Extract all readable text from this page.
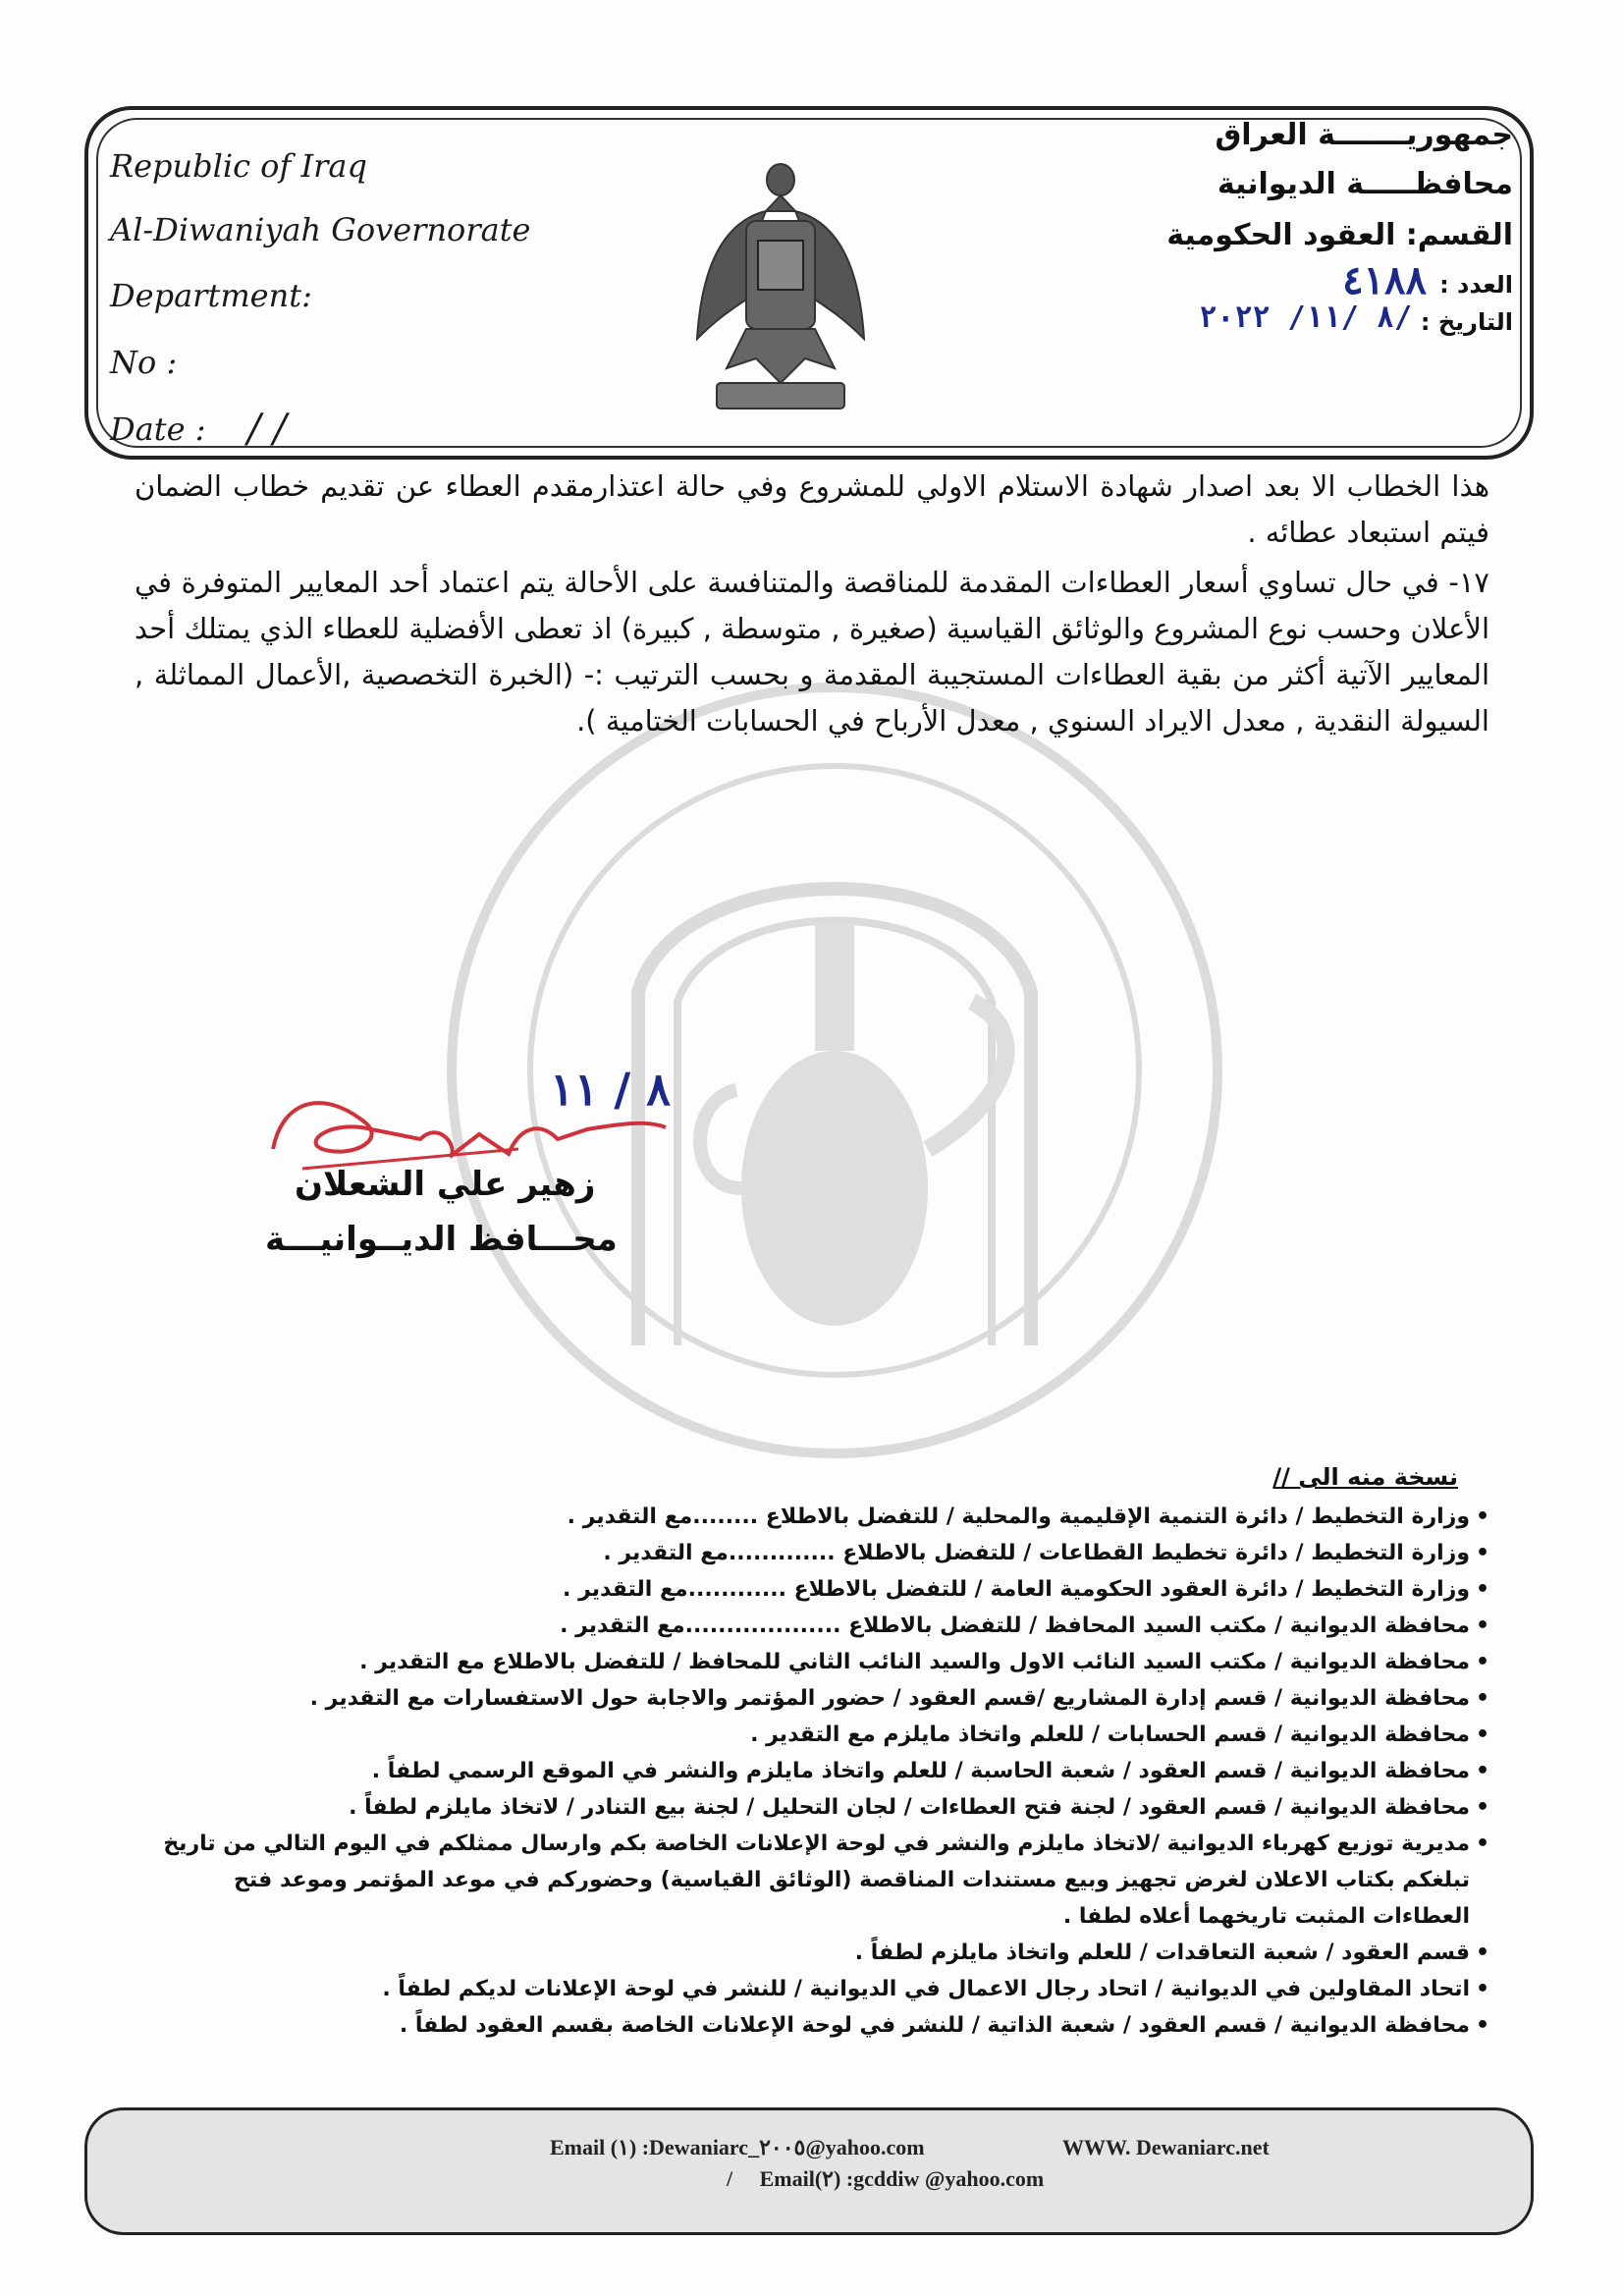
Republic of Iraq
Al-Diwaniyah Governorate
Department:
No :
Date : / /
جمهوريـــــــة العراق
محافظـــــة الديوانية
القسم: العقود الحكومية
العدد :
٤١٨٨
التاريخ :
٨ /١١/ ٢٠٢٢/
هذا الخطاب الا بعد اصدار شهادة الاستلام الاولي للمشروع وفي حالة اعتذارمقدم العطاء عن تقديم خطاب الضمان فيتم استبعاد عطائه .
١٧- في حال تساوي أسعار العطاءات المقدمة للمناقصة والمتنافسة على الأحالة يتم اعتماد أحد المعايير المتوفرة في الأعلان وحسب نوع المشروع والوثائق القياسية (صغيرة , متوسطة , كبيرة) اذ تعطى الأفضلية للعطاء الذي يمتلك أحد المعايير الآتية أكثر من بقية العطاءات المستجيبة المقدمة و بحسب الترتيب :- (الخبرة التخصصية ,الأعمال المماثلة , السيولة النقدية , معدل الايراد السنوي , معدل الأرباح في الحسابات الختامية ).
٨ / ١١
زهير علي الشعلان
محـــافظ الديــوانيـــة
نسخة منه الى //
• وزارة التخطيط / دائرة التنمية الإقليمية والمحلية / للتفضل بالاطلاع ........مع التقدير .
• وزارة التخطيط / دائرة تخطيط القطاعات / للتفضل بالاطلاع .............مع التقدير .
• وزارة التخطيط / دائرة العقود الحكومية العامة / للتفضل بالاطلاع ............مع التقدير .
• محافظة الديوانية / مكتب السيد المحافظ / للتفضل بالاطلاع ...................مع التقدير .
• محافظة الديوانية / مكتب السيد النائب الاول والسيد النائب الثاني للمحافظ / للتفضل بالاطلاع مع التقدير .
• محافظة الديوانية / قسم إدارة المشاريع /قسم العقود / حضور المؤتمر والاجابة حول الاستفسارات مع التقدير .
• محافظة الديوانية / قسم الحسابات / للعلم واتخاذ مايلزم مع التقدير .
• محافظة الديوانية / قسم العقود / شعبة الحاسبة / للعلم واتخاذ مايلزم والنشر في الموقع الرسمي لطفاً .
• محافظة الديوانية / قسم العقود / لجنة فتح العطاءات / لجان التحليل / لجنة بيع التنادر / لاتخاذ مايلزم لطفاً .
• مديرية توزيع كهرباء الديوانية /لاتخاذ مايلزم والنشر في لوحة الإعلانات الخاصة بكم وارسال ممثلكم في اليوم التالي من تاريخ تبلغكم بكتاب الاعلان لغرض تجهيز وبيع مستندات المناقصة (الوثائق القياسية) وحضوركم في موعد المؤتمر وموعد فتح العطاءات المثبت تاريخهما أعلاه لطفا .
• قسم العقود / شعبة التعاقدات / للعلم واتخاذ مايلزم لطفاً .
• اتحاد المقاولين في الديوانية / اتحاد رجال الاعمال في الديوانية / للنشر في لوحة الإعلانات لديكم لطفاً .
• محافظة الديوانية / قسم العقود / شعبة الذاتية / للنشر في لوحة الإعلانات الخاصة بقسم العقود لطفاً .
Email (١) :Dewaniarc_٢٠٠٥@yahoo.com	WWW. Dewaniarc.net
/     Email(٢) :gcddiw @yahoo.com
